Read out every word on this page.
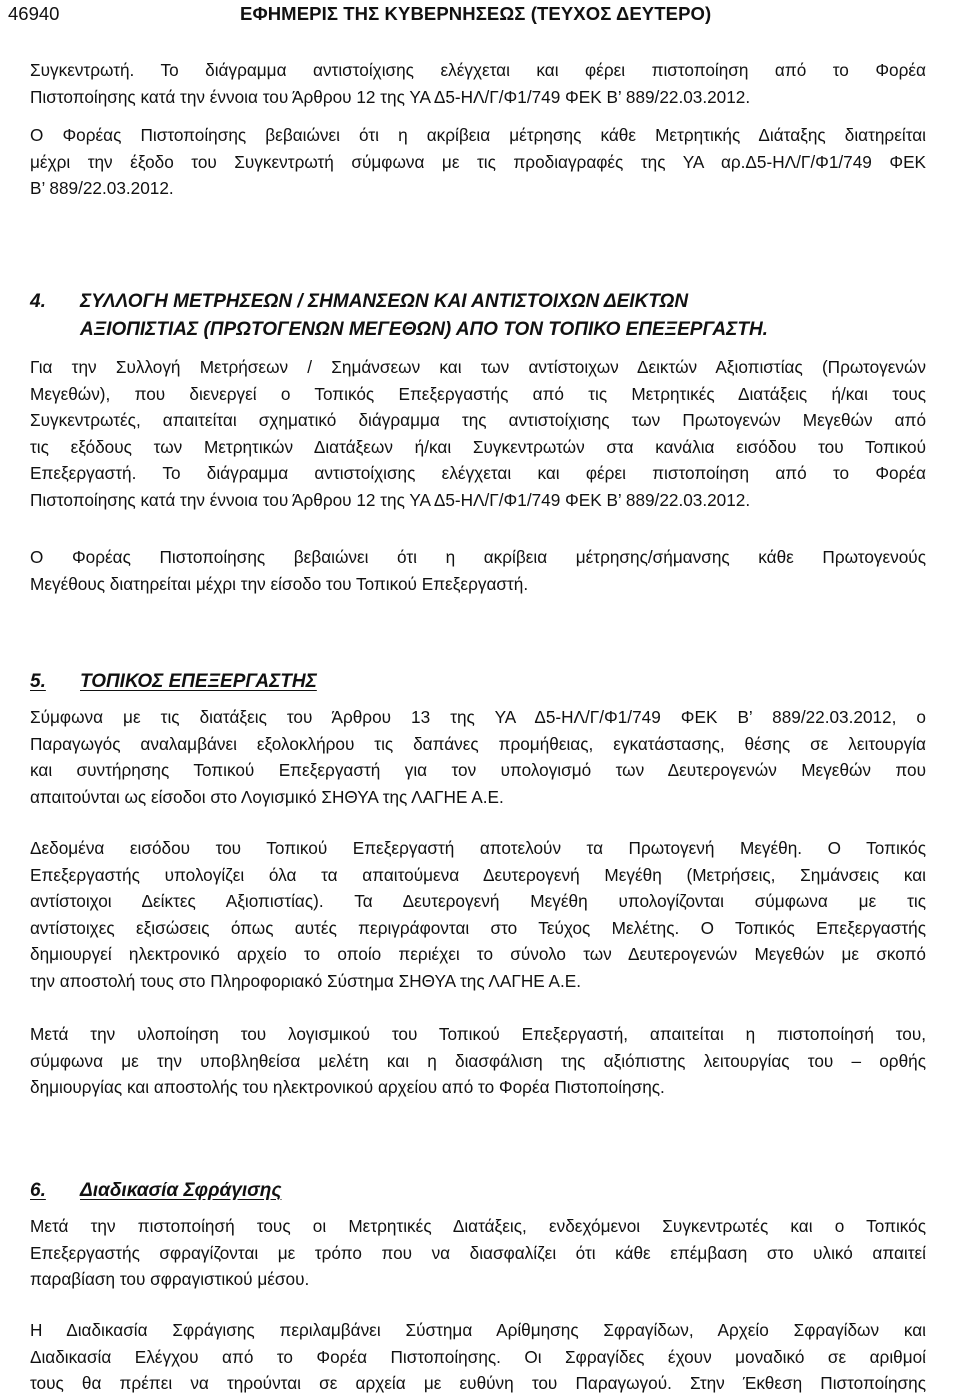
46940	ΕΦΗΜΕΡΙΣ ΤΗΣ ΚΥΒΕΡΝΗΣΕΩΣ (ΤΕΥΧΟΣ ΔΕΥΤΕΡΟ)

Συγκεντρωτή. Το διάγραμμα αντιστοίχισης ελέγχεται και φέρει πιστοποίηση από το Φορέα

Πιστοποίησης κατά την έννοια του Άρθρου 12 της ΥΑ Δ5-ΗΛ/Γ/Φ1/749 ΦΕΚ Β’ 889/22.03.2012.

Ο Φορέας Πιστοποίησης βεβαιώνει ότι η ακρίβεια μέτρησης κάθε Μετρητικής Διάταξης διατηρείται

μέχρι την έξοδο του Συγκεντρωτή σύμφωνα με τις προδιαγραφές της ΥΑ αρ.Δ5-ΗΛ/Γ/Φ1/749 ΦΕΚ

Β’ 889/22.03.2012.

4. ΣΥΛΛΟΓΗ ΜΕΤΡΗΣΕΩΝ / ΣΗΜΑΝΣΕΩΝ ΚΑΙ ΑΝΤΙΣΤΟΙΧΩΝ ΔΕΙΚΤΩΝ
ΑΞΙΟΠΙΣΤΙΑΣ (ΠΡΩΤΟΓΕΝΩΝ ΜΕΓΕΘΩΝ) ΑΠΟ ΤΟΝ ΤΟΠΙΚΟ ΕΠΕΞΕΡΓΑΣΤΗ.

Για την Συλλογή Μετρήσεων / Σημάνσεων και των αντίστοιχων Δεικτών Αξιοπιστίας (Πρωτογενών

Μεγεθών), που διενεργεί ο Τοπικός Επεξεργαστής από τις Μετρητικές Διατάξεις ή/και τους

Συγκεντρωτές, απαιτείται σχηματικό διάγραμμα της αντιστοίχισης των Πρωτογενών Μεγεθών από

τις εξόδους των Μετρητικών Διατάξεων ή/και Συγκεντρωτών στα κανάλια εισόδου του Τοπικού

Επεξεργαστή. Το διάγραμμα αντιστοίχισης ελέγχεται και φέρει πιστοποίηση από το Φορέα

Πιστοποίησης κατά την έννοια του Άρθρου 12 της ΥΑ Δ5-ΗΛ/Γ/Φ1/749 ΦΕΚ Β’ 889/22.03.2012.

Ο Φορέας Πιστοποίησης βεβαιώνει ότι η ακρίβεια μέτρησης/σήμανσης κάθε Πρωτογενούς

Μεγέθους διατηρείται μέχρι την είσοδο του Τοπικού Επεξεργαστή.

5. ΤΟΠΙΚΟΣ ΕΠΕΞΕΡΓΑΣΤΗΣ

Σύμφωνα με τις διατάξεις του Άρθρου 13 της ΥΑ Δ5-ΗΛ/Γ/Φ1/749 ΦΕΚ Β’ 889/22.03.2012, ο

Παραγωγός αναλαμβάνει εξολοκλήρου τις δαπάνες προμήθειας, εγκατάστασης, θέσης σε λειτουργία

και συντήρησης Τοπικού Επεξεργαστή για τον υπολογισμό των Δευτερογενών Μεγεθών που

απαιτούνται ως είσοδοι στο Λογισμικό ΣΗΘΥΑ της ΛΑΓΗΕ Α.Ε.

Δεδομένα εισόδου του Τοπικού Επεξεργαστή αποτελούν τα Πρωτογενή Μεγέθη. Ο Τοπικός

Επεξεργαστής υπολογίζει όλα τα απαιτούμενα Δευτερογενή Μεγέθη (Μετρήσεις, Σημάνσεις και

αντίστοιχοι Δείκτες Αξιοπιστίας). Τα Δευτερογενή Μεγέθη υπολογίζονται σύμφωνα με τις

αντίστοιχες εξισώσεις όπως αυτές περιγράφονται στο Τεύχος Μελέτης. Ο Τοπικός Επεξεργαστής

δημιουργεί ηλεκτρονικό αρχείο το οποίο περιέχει το σύνολο των Δευτερογενών Μεγεθών με σκοπό

την αποστολή τους στο Πληροφοριακό Σύστημα ΣΗΘΥΑ της ΛΑΓΗΕ Α.Ε.

Μετά την υλοποίηση του λογισμικού του Τοπικού Επεξεργαστή, απαιτείται η πιστοποίησή του,

σύμφωνα με την υποβληθείσα μελέτη και η διασφάλιση της αξιόπιστης λειτουργίας του – ορθής

δημιουργίας και αποστολής του ηλεκτρονικού αρχείου από το Φορέα Πιστοποίησης.

6. Διαδικασία Σφράγισης

Μετά την πιστοποίησή τους οι Μετρητικές Διατάξεις, ενδεχόμενοι Συγκεντρωτές και ο Τοπικός

Επεξεργαστής σφραγίζονται με τρόπο που να διασφαλίζει ότι κάθε επέμβαση στο υλικό απαιτεί

παραβίαση του σφραγιστικού μέσου.

Η Διαδικασία Σφράγισης περιλαμβάνει Σύστημα Αρίθμησης Σφραγίδων, Αρχείο Σφραγίδων και

Διαδικασία Ελέγχου από το Φορέα Πιστοποίησης. Οι Σφραγίδες έχουν μοναδικό σε αριθμοί

τους θα πρέπει να τηρούνται σε αρχεία με ευθύνη του Παραγωγού. Στην Έκθεση Πιστοποίησης
